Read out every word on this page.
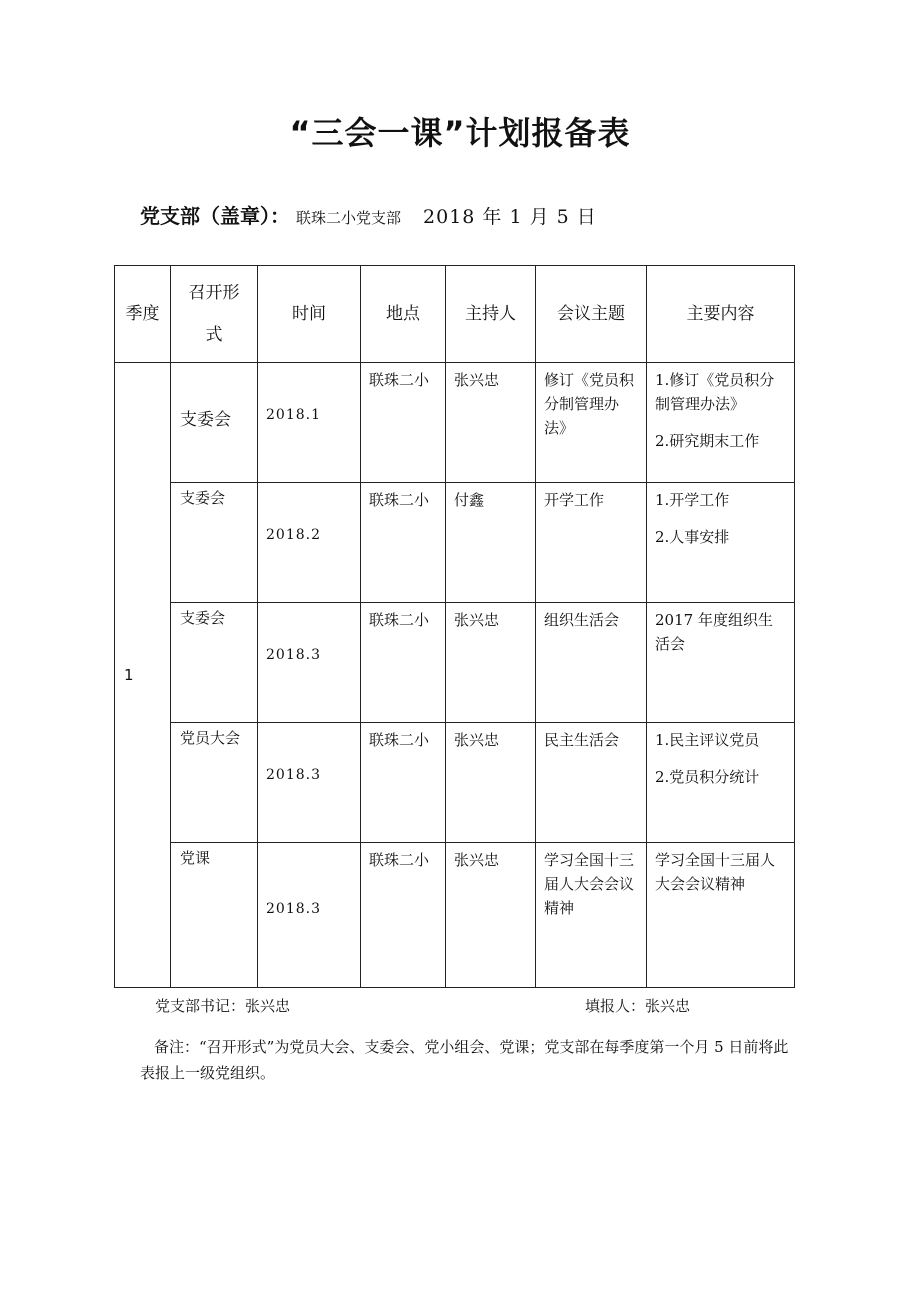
“三会一课”计划报备表
党支部（盖章）： 联珠二小党支部 2018 年 1 月 5 日
季度	召开形式	时间	地点	主持人	会议主题	主要内容
1	支委会	2018.1	联珠二小	张兴忠	修订《党员积分制管理办法》	1.修订《党员积分制管理办法》
2.研究期末工作

	支委会	2018.2	联珠二小	付鑫	开学工作	1.开学工作
2.人事安排

	支委会	2018.3	联珠二小	张兴忠	组织生活会	2017 年度组织生活会

	党员大会	2018.3	联珠二小	张兴忠	民主生活会	1.民主评议党员
2.党员积分统计

	党课	2018.3	联珠二小	张兴忠	学习全国十三届人大会会议精神	学习全国十三届人大会会议精神
党支部书记：张兴忠	填报人：张兴忠
备注：“召开形式”为党员大会、支委会、党小组会、党课；党支部在每季度第一个月 5 日前将此表报上一级党组织。
